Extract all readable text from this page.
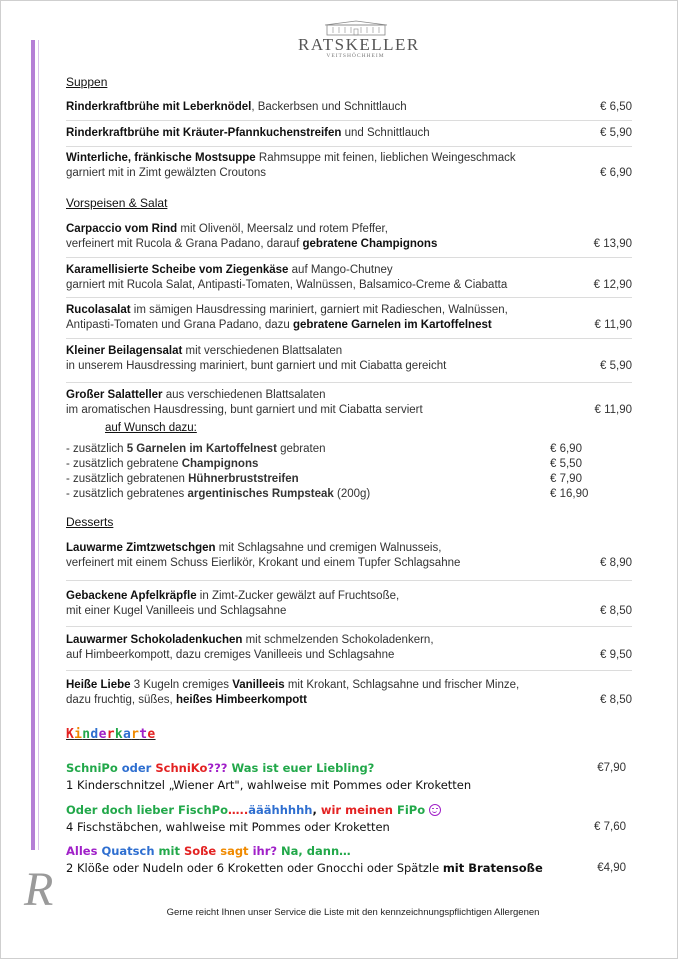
RATSKELLER
VEITSHÖCHHEIM
R
Suppen
Rinderkraftbrühe mit Leberknödel, Backerbsen und Schnittlauch	€ 6,50
Rinderkraftbrühe mit Kräuter-Pfannkuchenstreifen und Schnittlauch	€ 5,90
Winterliche, fränkische Mostsuppe Rahmsuppe mit feinen, lieblichen Weingeschmack
garniert mit in Zimt gewälzten Croutons	€ 6,90
Vorspeisen & Salat
Carpaccio vom Rind mit Olivenöl, Meersalz und rotem Pfeffer,
verfeinert mit Rucola & Grana Padano, darauf gebratene Champignons	€ 13,90
Karamellisierte Scheibe vom Ziegenkäse auf Mango-Chutney
garniert mit Rucola Salat, Antipasti-Tomaten, Walnüssen, Balsamico-Creme & Ciabatta	€ 12,90
Rucolasalat im sämigen Hausdressing mariniert, garniert mit Radieschen, Walnüssen,
Antipasti-Tomaten und Grana Padano, dazu gebratene Garnelen im Kartoffelnest	€ 11,90
Kleiner Beilagensalat mit verschiedenen Blattsalaten
in unserem Hausdressing mariniert, bunt garniert und mit Ciabatta gereicht	€ 5,90
Großer Salatteller aus verschiedenen Blattsalaten
im aromatischen Hausdressing, bunt garniert und mit Ciabatta serviert	€ 11,90
auf Wunsch dazu:
- zusätzlich 5 Garnelen im Kartoffelnest gebraten	€ 6,90
- zusätzlich gebratene Champignons	€ 5,50
- zusätzlich gebratenen Hühnerbruststreifen	€ 7,90
- zusätzlich gebratenes argentinisches Rumpsteak (200g)	€ 16,90
Desserts
Lauwarme Zimtzwetschgen mit Schlagsahne und cremigen Walnusseis,
verfeinert mit einem Schuss Eierlikör, Krokant und einem Tupfer Schlagsahne	€ 8,90
Gebackene Apfelkräpfle in Zimt-Zucker gewälzt auf Fruchtsoße,
mit einer Kugel Vanilleeis und Schlagsahne	€ 8,50
Lauwarmer Schokoladenkuchen mit schmelzenden Schokoladenkern,
auf Himbeerkompott, dazu cremiges Vanilleeis und Schlagsahne	€ 9,50
Heiße Liebe 3 Kugeln cremiges Vanilleeis mit Krokant, Schlagsahne und frischer Minze,
dazu fruchtig, süßes, heißes Himbeerkompott	€ 8,50
Kinderkarte
SchniPo oder SchniKo??? Was ist euer Liebling?
1 Kinderschnitzel „Wiener Art", wahlweise mit Pommes oder Kroketten
€7,90
Oder doch lieber FischPo…..ääähhhhh, wir meinen FiPo
4 Fischstäbchen, wahlweise mit Pommes oder Kroketten	€ 7,60
Alles Quatsch mit Soße sagt ihr? Na, dann…
2 Klöße oder Nudeln oder 6 Kroketten oder Gnocchi oder Spätzle mit Bratensoße	€4,90
Gerne reicht Ihnen unser Service die Liste mit den kennzeichnungspflichtigen Allergenen
